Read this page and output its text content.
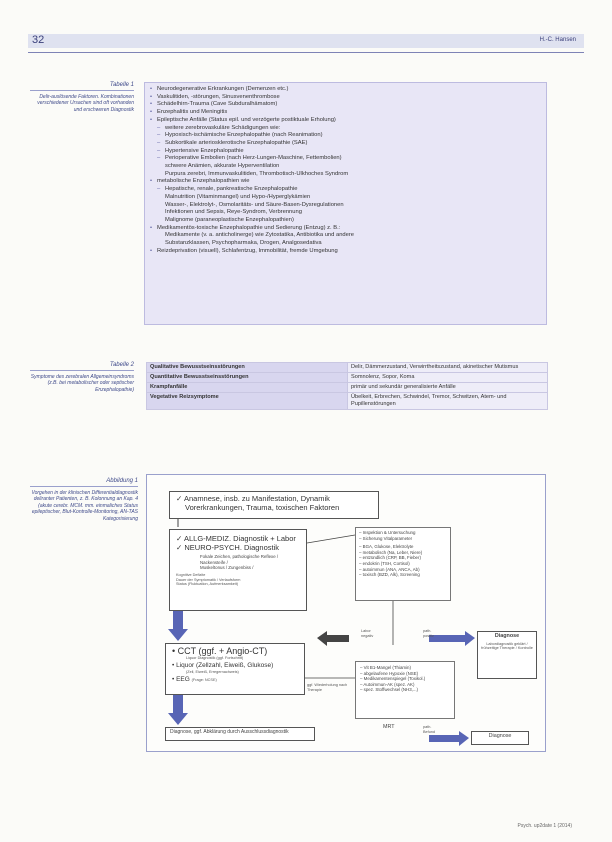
32	H.-C. Hansen
Tabelle 1
Delir-auslösende Faktoren. Kombinationen verschiedener Ursachen sind oft vorhanden und erschweren Diagnostik
• Neurodegenerative Erkrankungen (Demenzen etc.)
• Vaskulitiden, -störungen, Sinusvenenthrombose
• Schädelhirn-Trauma (Cave Subduralhämatom)
• Enzephalitis und Meningitis
• Epileptische Anfälle (Status epil. und verzögerte postiktuale Erholung)
– weitere zerebrovaskuläre Schädigungen wie:
– Hypoxisch-ischämische Enzephalopathie (nach Reanimation)
– Subkortikale arteriosklerotische Enzephalopathie (SAE)
– Hypertensive Enzephalopathie
– Perioperative Embolien (nach Herz-Lungen-Maschine, Fettembolien)
schwere Anämien, akkurate Hyperventilation
Purpura zerebri, Immunvaskulitiden, Thrombotisch-Ulkhoches Syndrom
• metabolische Enzephalopathien wie
– Hepatische, renale, pankreatische Enzephalopathie
Malnutrition (Vitaminmangel) und Hypo-/Hyperglykämien
Wasser-, Elektrolyt-, Osmolaritäts- und Säure-Basen-Dysregulationen
Infektionen und Sepsis, Reye-Syndrom, Verbrennung
Malignome (paraneoplastische Enzephalopathien)
• Medikamentös-toxische Enzephalopathie und Sedierung (Entzug) z. B.:
Medikamente (v. a. anticholinerge) wie Zytostatika, Antibiotika und andere
Substanzklassen, Psychopharmaka, Drogen, Analgosedativa
• Reizdeprivation (visuell), Schlafentzug, Immobilität, fremde Umgebung
Tabelle 2
Symptome des zerebralen Allgemeinsyndroms (z.B. bei metabolischer oder septischer Enzephalopathie)
Qualitative Bewusstseinsstörungen	Delir, Dämmerzustand, Verwirrtheitszustand, akinetischer Mutismus
Quantitative Bewusstseinsstörungen	Somnolenz, Sopor, Koma
Krampfanfälle	primär und sekundär generalisierte Anfälle
Vegetative Reizsymptome	Übelkeit, Erbrechen, Schwindel, Tremor, Schwitzen, Atem- und Pupillenstörungen
Abbildung 1
Vorgehen in der klinischen Differentialdiagnostik deliranter Patienten, z. B. Kolonnung an Kap. 4 (akute cerebr. MCM. mm. einmaliches Status epileptischer, Blut-Kontrolle-Monitoring, AN-TAS Kategorisierung
✓ Anamnese, insb. zu Manifestation, Dynamik
Vorerkrankungen, Trauma, toxischen Faktoren
✓ ALLG-MEDIZ. Diagnostik + Labor
✓ NEURO-PSYCH. Diagnostik
Fokale Zeichen, pathologische Reflexe /
Nackensteife /
Muskeltonus / Zungenbiss /
Kognitive Defizite
Dauer der Symptomatik / Verlaufsform
Status (Fluktuation, Aufmerksamkeit)
– Inspektion & Untersuchung
– Sicherung Vitalparameter
– BGA, Glukose, Elektrolyte
– metabolisch (Na, Leber, Niere)
– entzündlich (CRP, BB, Fieber)
– endokrin (TSH, Cortisol)
– autoimmun (ANA, ANCA, Ab)
– toxisch (BZD, Alk), Screening
Labor
negativ
path.
positiv	Diagnose
Labordiagnostik geklärt / frühzeitige Therapie / Kontrolle
• CCT (ggf. + Angio-CT)
Liquor Diagnostik (ggf. Fortschritt)
• Liquor (Zellzahl, Eiweiß, Glukose)
(Zell, Eiweiß, Erregernachweis)
• EEG (Frage: NCSE)
ggf. Wiederholung nach Therapie
– Vit B1-Mangel (Thiamin)
– abgelaufene Hypoxie (NSE)
– Medikamentenspiegel (Toxikol.)
– Autoimmun-AK (spez. AK)
– spez. Stoffwechsel (NH3,...)
MRT	path.
Befund
Diagnose
Diagnose, ggf. Abklärung durch Ausschlussdiagnostik
Psych. up2date 1 (2014)
